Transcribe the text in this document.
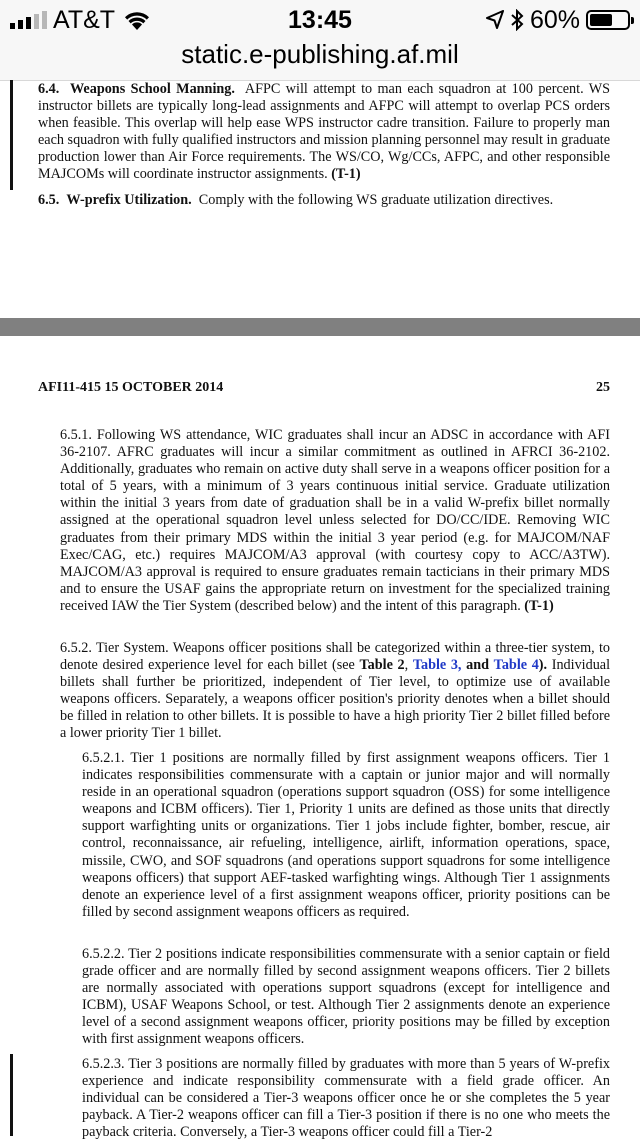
AT&T	13:45	60%
static.e-publishing.af.mil

6.4. Weapons School Manning. AFPC will attempt to man each squadron at 100 percent. WS instructor billets are typically long-lead assignments and AFPC will attempt to overlap PCS orders when feasible. This overlap will help ease WPS instructor cadre transition. Failure to properly man each squadron with fully qualified instructors and mission planning personnel may result in graduate production lower than Air Force requirements. The WS/CO, Wg/CCs, AFPC, and other responsible MAJCOMs will coordinate instructor assignments. (T-1)

6.5. W-prefix Utilization. Comply with the following WS graduate utilization directives.

AFI11-415 15 OCTOBER 2014	25

6.5.1. Following WS attendance, WIC graduates shall incur an ADSC in accordance with AFI 36-2107. AFRC graduates will incur a similar commitment as outlined in AFRCI 36-2102. Additionally, graduates who remain on active duty shall serve in a weapons officer position for a total of 5 years, with a minimum of 3 years continuous initial service. Graduate utilization within the initial 3 years from date of graduation shall be in a valid W-prefix billet normally assigned at the operational squadron level unless selected for DO/CC/IDE. Removing WIC graduates from their primary MDS within the initial 3 year period (e.g. for MAJCOM/NAF Exec/CAG, etc.) requires MAJCOM/A3 approval (with courtesy copy to ACC/A3TW). MAJCOM/A3 approval is required to ensure graduates remain tacticians in their primary MDS and to ensure the USAF gains the appropriate return on investment for the specialized training received IAW the Tier System (described below) and the intent of this paragraph. (T-1)

6.5.2. Tier System. Weapons officer positions shall be categorized within a three-tier system, to denote desired experience level for each billet (see Table 2, Table 3, and Table 4). Individual billets shall further be prioritized, independent of Tier level, to optimize use of available weapons officers. Separately, a weapons officer position's priority denotes when a billet should be filled in relation to other billets. It is possible to have a high priority Tier 2 billet filled before a lower priority Tier 1 billet.

6.5.2.1. Tier 1 positions are normally filled by first assignment weapons officers. Tier 1 indicates responsibilities commensurate with a captain or junior major and will normally reside in an operational squadron (operations support squadron (OSS) for some intelligence weapons and ICBM officers). Tier 1, Priority 1 units are defined as those units that directly support warfighting units or organizations. Tier 1 jobs include fighter, bomber, rescue, air control, reconnaissance, air refueling, intelligence, airlift, information operations, space, missile, CWO, and SOF squadrons (and operations support squadrons for some intelligence weapons officers) that support AEF-tasked warfighting wings. Although Tier 1 assignments denote an experience level of a first assignment weapons officer, priority positions can be filled by second assignment weapons officers as required.

6.5.2.2. Tier 2 positions indicate responsibilities commensurate with a senior captain or field grade officer and are normally filled by second assignment weapons officers. Tier 2 billets are normally associated with operations support squadrons (except for intelligence and ICBM), USAF Weapons School, or test. Although Tier 2 assignments denote an experience level of a second assignment weapons officer, priority positions may be filled by exception with first assignment weapons officers.

6.5.2.3. Tier 3 positions are normally filled by graduates with more than 5 years of W-prefix experience and indicate responsibility commensurate with a field grade officer. An individual can be considered a Tier-3 weapons officer once he or she completes the 5 year payback. A Tier-2 weapons officer can fill a Tier-3 position if there is no one who meets the payback criteria. Conversely, a Tier-3 weapons officer could fill a Tier-2
